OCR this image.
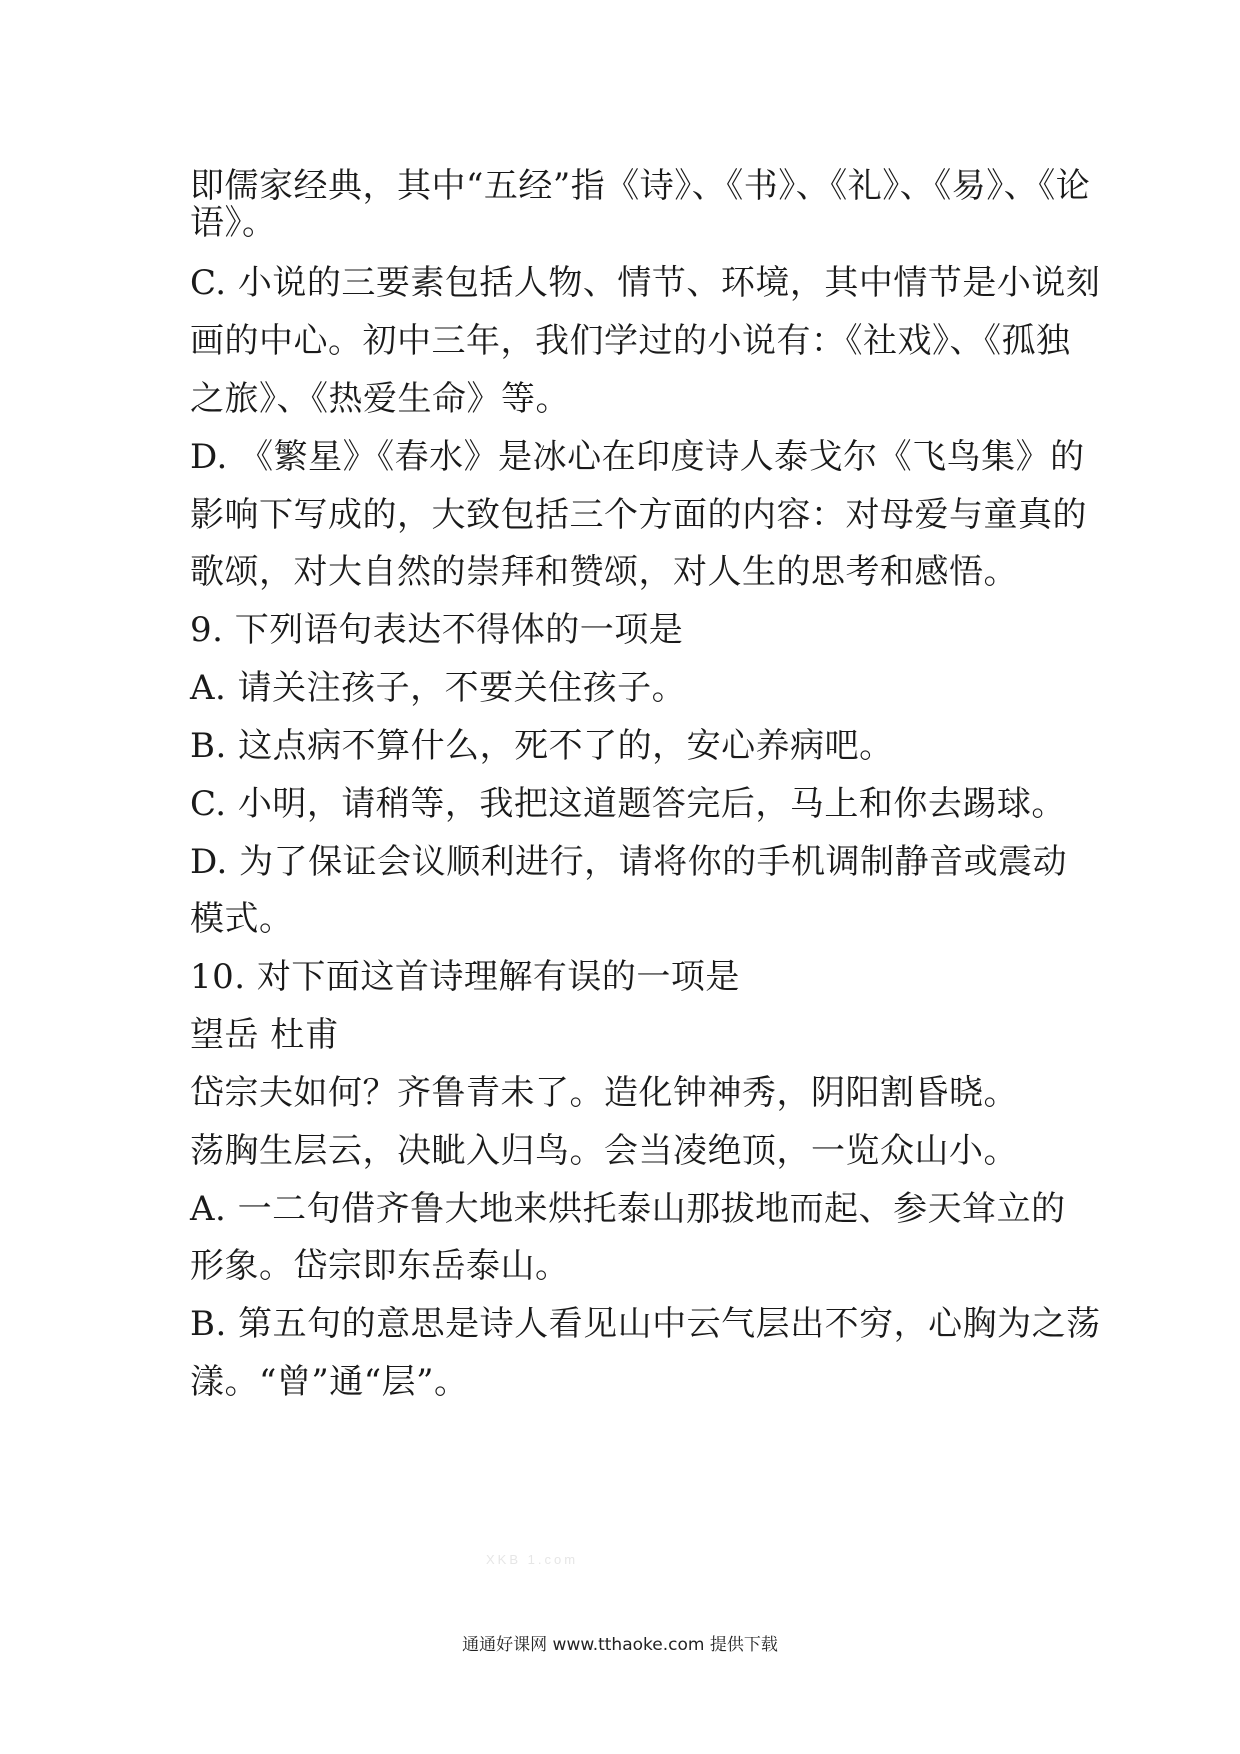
即儒家经典，其中“五经”指《诗》、《书》、《礼》、《易》、《论
语》。
C. 小说的三要素包括人物、情节、环境，其中情节是小说刻
画的中心。初中三年，我们学过的小说有：《社戏》、《孤独
之旅》、《热爱生命》等。
D. 《繁星》《春水》是冰心在印度诗人泰戈尔《飞鸟集》的
影响下写成的，大致包括三个方面的内容：对母爱与童真的
歌颂，对大自然的崇拜和赞颂，对人生的思考和感悟。
9. 下列语句表达不得体的一项是
A. 请关注孩子，不要关住孩子。
B. 这点病不算什么，死不了的，安心养病吧。
C. 小明，请稍等，我把这道题答完后，马上和你去踢球。
D. 为了保证会议顺利进行，请将你的手机调制静音或震动
模式。
10. 对下面这首诗理解有误的一项是
望岳 杜甫
岱宗夫如何？齐鲁青未了。造化钟神秀，阴阳割昏晓。
荡胸生层云，决眦入归鸟。会当凌绝顶，一览众山小。
A. 一二句借齐鲁大地来烘托泰山那拔地而起、参天耸立的
形象。岱宗即东岳泰山。
B. 第五句的意思是诗人看见山中云气层出不穷，心胸为之荡
漾。“曾”通“层”。
XKB 1.com
通通好课网 www.tthaoke.com 提供下载
